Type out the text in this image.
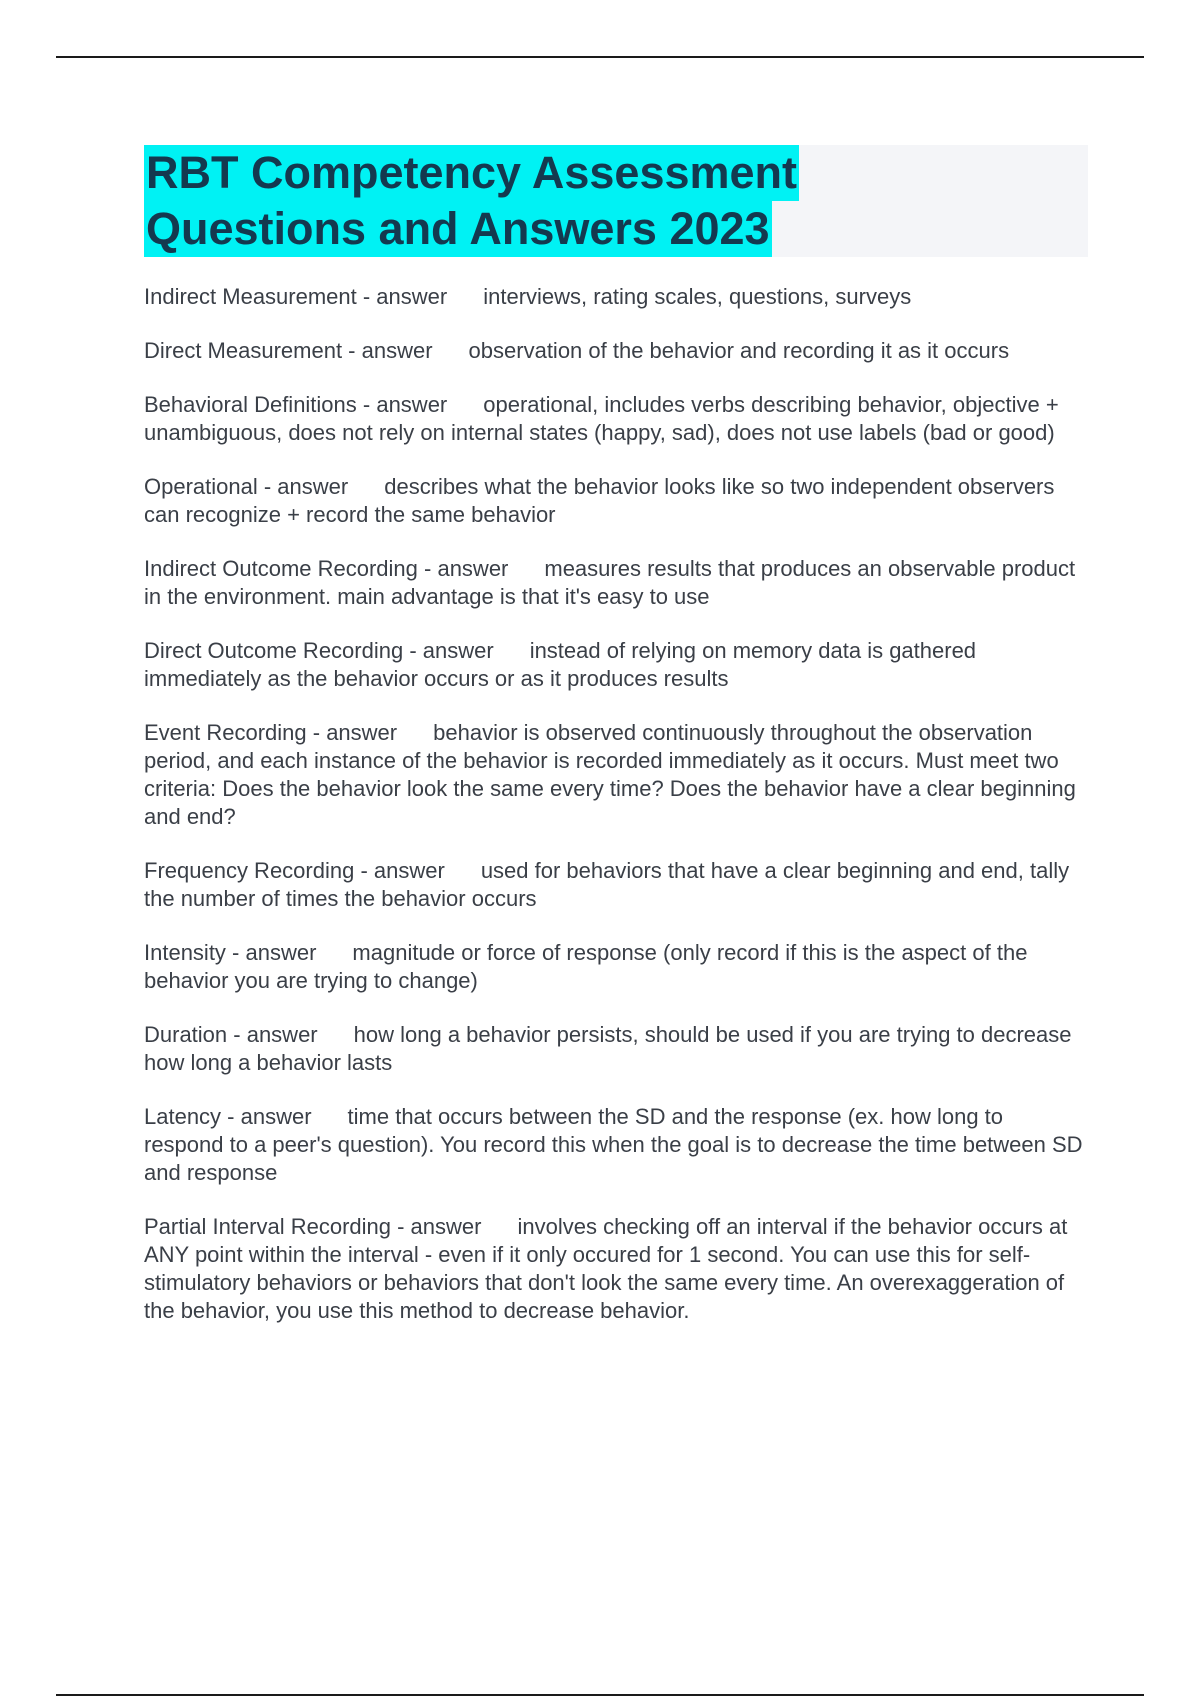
RBT Competency Assessment
Questions and Answers 2023

Indirect Measurement - answer interviews, rating scales, questions, surveys

Direct Measurement - answer observation of the behavior and recording it as it occurs

Behavioral Definitions - answer operational, includes verbs describing behavior, objective + unambiguous, does not rely on internal states (happy, sad), does not use labels (bad or good)

Operational - answer describes what the behavior looks like so two independent observers can recognize + record the same behavior

Indirect Outcome Recording - answer measures results that produces an observable product in the environment. main advantage is that it's easy to use

Direct Outcome Recording - answer instead of relying on memory data is gathered immediately as the behavior occurs or as it produces results

Event Recording - answer behavior is observed continuously throughout the observation period, and each instance of the behavior is recorded immediately as it occurs. Must meet two criteria: Does the behavior look the same every time? Does the behavior have a clear beginning and end?

Frequency Recording - answer used for behaviors that have a clear beginning and end, tally the number of times the behavior occurs

Intensity - answer magnitude or force of response (only record if this is the aspect of the behavior you are trying to change)

Duration - answer how long a behavior persists, should be used if you are trying to decrease how long a behavior lasts

Latency - answer time that occurs between the SD and the response (ex. how long to respond to a peer's question). You record this when the goal is to decrease the time between SD and response

Partial Interval Recording - answer involves checking off an interval if the behavior occurs at ANY point within the interval - even if it only occured for 1 second. You can use this for self-stimulatory behaviors or behaviors that don't look the same every time. An overexaggeration of the behavior, you use this method to decrease behavior.
